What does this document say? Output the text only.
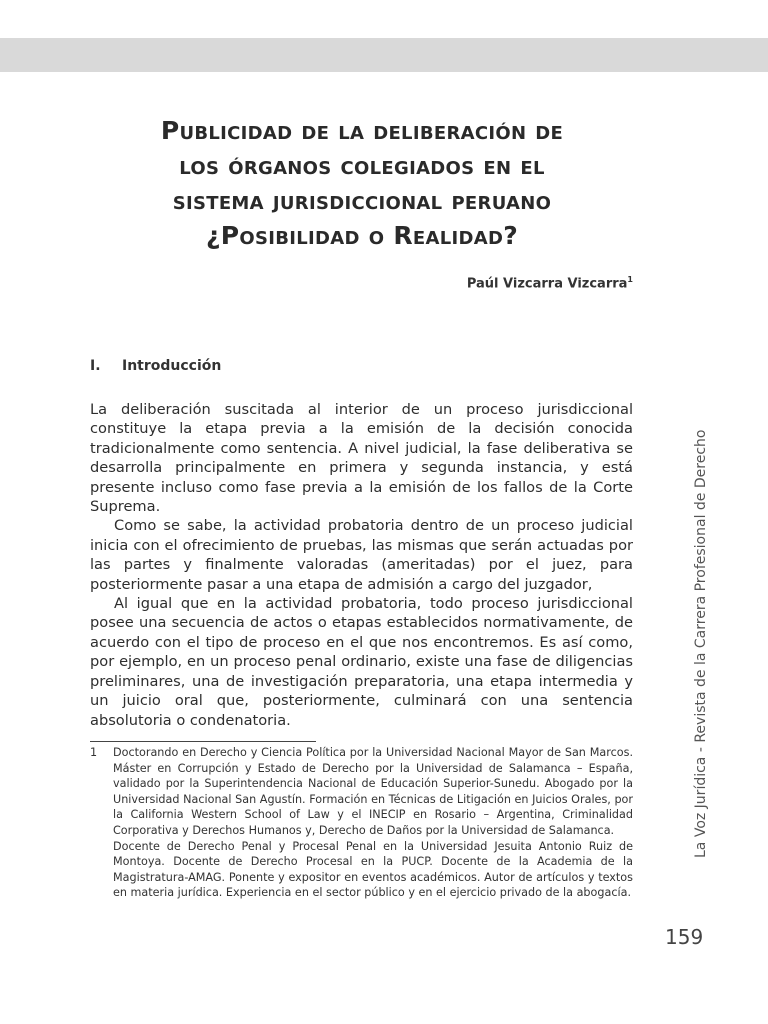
Publicidad de la deliberación de
los órganos colegiados en el
sistema jurisdiccional peruano
¿Posibilidad o Realidad?
Paúl Vizcarra Vizcarra$^1$
I. Introducción

La deliberación suscitada al interior de un proceso jurisdiccional constituye la etapa previa a la emisión de la decisión conocida tradicionalmente como sentencia. A nivel judicial, la fase deliberativa se desarrolla principalmente en primera y segunda instancia, y está presente incluso como fase previa a la emisión de los fallos de la Corte Suprema.

Como se sabe, la actividad probatoria dentro de un proceso judicial inicia con el ofrecimiento de pruebas, las mismas que serán actuadas por las partes y finalmente valoradas (ameritadas) por el juez, para posteriormente pasar a una etapa de admisión a cargo del juzgador,

Al igual que en la actividad probatoria, todo proceso jurisdiccional posee una secuencia de actos o etapas establecidos normativamente, de acuerdo con el tipo de proceso en el que nos encontremos. Es así como, por ejemplo, en un proceso penal ordinario, existe una fase de diligencias preliminares, una de investigación preparatoria, una etapa intermedia y un juicio oral que, posteriormente, culminará con una sentencia absolutoria o condenatoria.

1 Doctorando en Derecho y Ciencia Política por la Universidad Nacional Mayor de San Marcos. Máster en Corrupción y Estado de Derecho por la Universidad de Salamanca – España, validado por la Superintendencia Nacional de Educación Superior-Sunedu. Abogado por la Universidad Nacional San Agustín. Formación en Técnicas de Litigación en Juicios Orales, por la California Western School of Law y el INECIP en Rosario – Argentina, Criminalidad Corporativa y Derechos Humanos y, Derecho de Daños por la Universidad de Salamanca.

Docente de Derecho Penal y Procesal Penal en la Universidad Jesuita Antonio Ruiz de Montoya. Docente de Derecho Procesal en la PUCP. Docente de la Academia de la Magistratura-AMAG. Ponente y expositor en eventos académicos. Autor de artículos y textos en materia jurídica. Experiencia en el sector público y en el ejercicio privado de la abogacía.

La Voz Jurídica - Revista de la Carrera Profesional de Derecho
159
